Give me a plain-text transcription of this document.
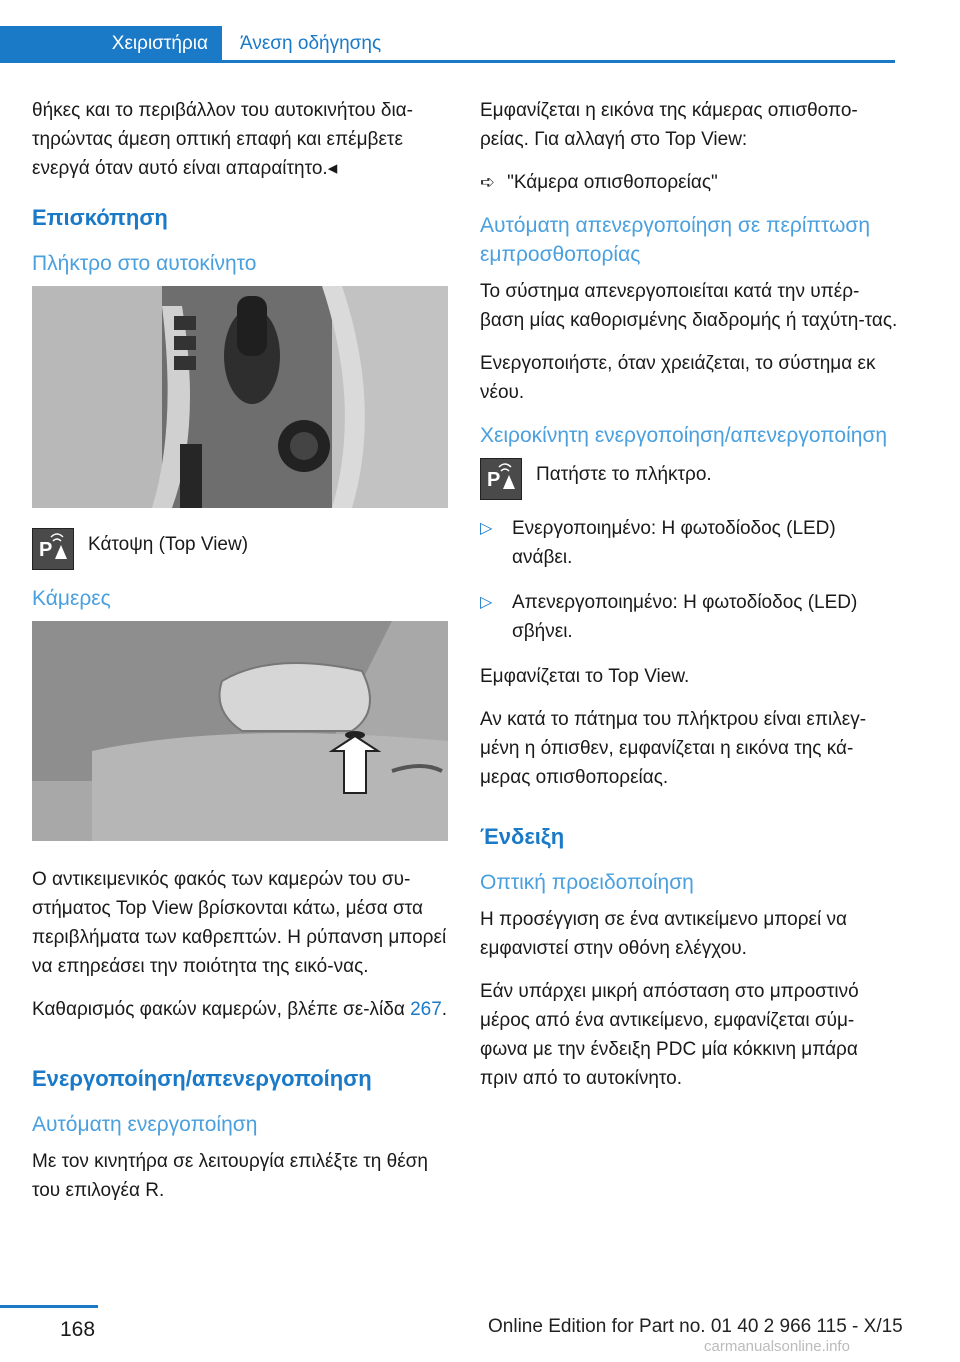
Χειριστήρια	Άνεση οδήγησης

θήκες και το περιβάλλον του αυτοκινήτου δια-τηρώντας άμεση οπτική επαφή και επέμβετε ενεργά όταν αυτό είναι απαραίτητο.◂

Επισκόπηση
Πλήκτρο στο αυτοκίνητο
P Κάτοψη (Top View)
Κάμερες

Ο αντικειμενικός φακός των καμερών του συ-στήματος Top View βρίσκονται κάτω, μέσα στα περιβλήματα των καθρεπτών. Η ρύπανση μπορεί να επηρεάσει την ποιότητα της εικό-νας.

Καθαρισμός φακών καμερών, βλέπε σε-λίδα 267.

Ενεργοποίηση/απενεργοποίηση
Αυτόματη ενεργοποίηση

Με τον κινητήρα σε λειτουργία επιλέξτε τη θέση του επιλογέα R.

Εμφανίζεται η εικόνα της κάμερας οπισθοπο-ρείας. Για αλλαγή στο Top View:

➪ "Κάμερα οπισθοπορείας"

Αυτόματη απενεργοποίηση σε περίπτωση εμπροσθοπορίας

Το σύστημα απενεργοποιείται κατά την υπέρ-βαση μίας καθορισμένης διαδρομής ή ταχύτη-τας.

Ενεργοποιήστε, όταν χρειάζεται, το σύστημα εκ νέου.

Χειροκίνητη ενεργοποίηση/απενεργοποίηση
P Πατήστε το πλήκτρο.
▷ Ενεργοποιημένο: Η φωτοδίοδος (LED) ανάβει.
▷ Απενεργοποιημένο: Η φωτοδίοδος (LED) σβήνει.

Εμφανίζεται το Top View.

Αν κατά το πάτημα του πλήκτρου είναι επιλεγ-μένη η όπισθεν, εμφανίζεται η εικόνα της κά-μερας οπισθοπορείας.

Ένδειξη
Οπτική προειδοποίηση

Η προσέγγιση σε ένα αντικείμενο μπορεί να εμφανιστεί στην οθόνη ελέγχου.

Εάν υπάρχει μικρή απόσταση στο μπροστινό μέρος από ένα αντικείμενο, εμφανίζεται σύμ-φωνα με την ένδειξη PDC μία κόκκινη μπάρα πριν από το αυτοκίνητο.

168	Online Edition for Part no. 01 40 2 966 115 - X/15
carmanualsonline.info
